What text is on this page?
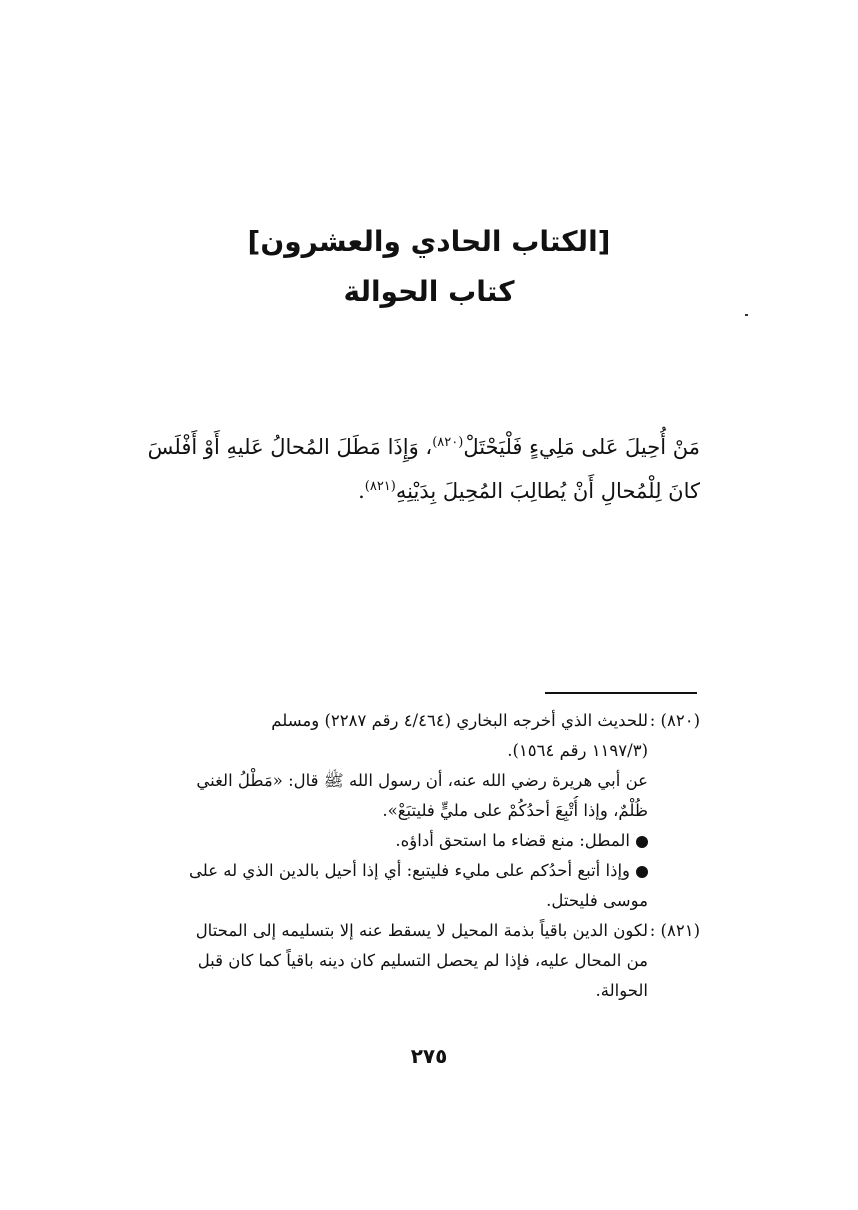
[الكتاب الحادي والعشرون]
كتاب الحوالة
مَنْ أُحِيلَ عَلى مَلِيءٍ فَلْيَحْتَلْ$^{(٨٢٠)}$، وَإِذَا مَطَلَ المُحالُ عَليهِ أَوْ أَفْلَسَ
كانَ لِلْمُحالِ أَنْ يُطالِبَ المُحِيلَ بِدَيْنِهِ$^{(٨٢١)}$.
(٨٢٠) :للحديث الذي أخرجه البخاري (٤/٤٦٤ رقم ٢٢٨٧) ومسلم
(١١٩٧/٣ رقم ١٥٦٤).
عن أبي هريرة رضي الله عنه، أن رسول الله ﷺ قال: «مَطْلُ الغني
ظُلْمٌ، وإذا أُتْبِعَ أحدُكُمْ على مليٍّ فليتبَعْ».
المطل: منع قضاء ما استحق أداؤه.
وإذا أتبع أحدُكم على مليء فليتبع: أي إذا أحيل بالدين الذي له على
موسى فليحتل.
(٨٢١) :لكون الدين باقياً بذمة المحيل لا يسقط عنه إلا بتسليمه إلى المحتال
من المحال عليه، فإذا لم يحصل التسليم كان دينه باقياً كما كان قبل
الحوالة.
٢٧٥
